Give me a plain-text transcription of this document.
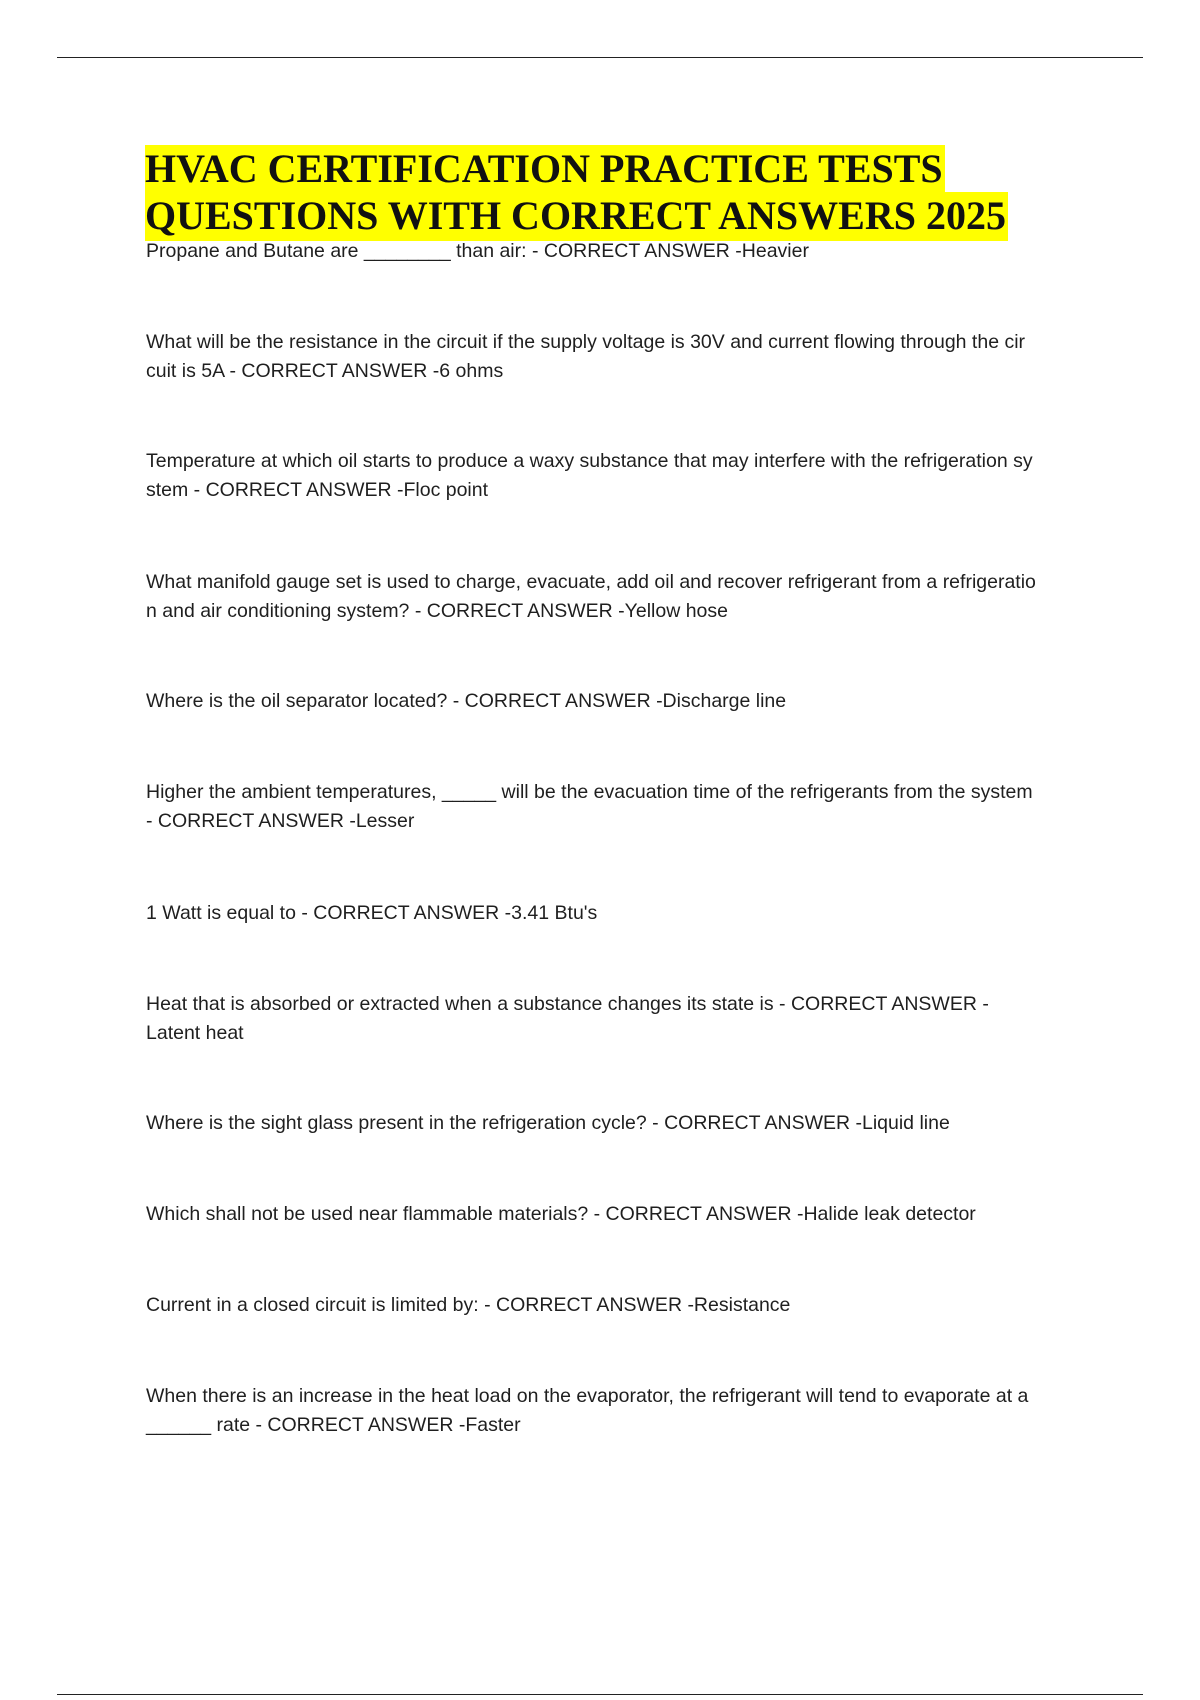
HVAC CERTIFICATION PRACTICE TESTS
QUESTIONS WITH CORRECT ANSWERS 2025

Propane and Butane are ________ than air: - CORRECT ANSWER -Heavier

What will be the resistance in the circuit if the supply voltage is 30V and current flowing through the cir
cuit is 5A - CORRECT ANSWER -6 ohms

Temperature at which oil starts to produce a waxy substance that may interfere with the refrigeration sy
stem - CORRECT ANSWER -Floc point

What manifold gauge set is used to charge, evacuate, add oil and recover refrigerant from a refrigeratio
n and air conditioning system? - CORRECT ANSWER -Yellow hose

Where is the oil separator located? - CORRECT ANSWER -Discharge line

Higher the ambient temperatures, _____ will be the evacuation time of the refrigerants from the system
- CORRECT ANSWER -Lesser

1 Watt is equal to - CORRECT ANSWER -3.41 Btu's

Heat that is absorbed or extracted when a substance changes its state is - CORRECT ANSWER -
Latent heat

Where is the sight glass present in the refrigeration cycle? - CORRECT ANSWER -Liquid line

Which shall not be used near flammable materials? - CORRECT ANSWER -Halide leak detector

Current in a closed circuit is limited by: - CORRECT ANSWER -Resistance

When there is an increase in the heat load on the evaporator, the refrigerant will tend to evaporate at a
______ rate - CORRECT ANSWER -Faster
